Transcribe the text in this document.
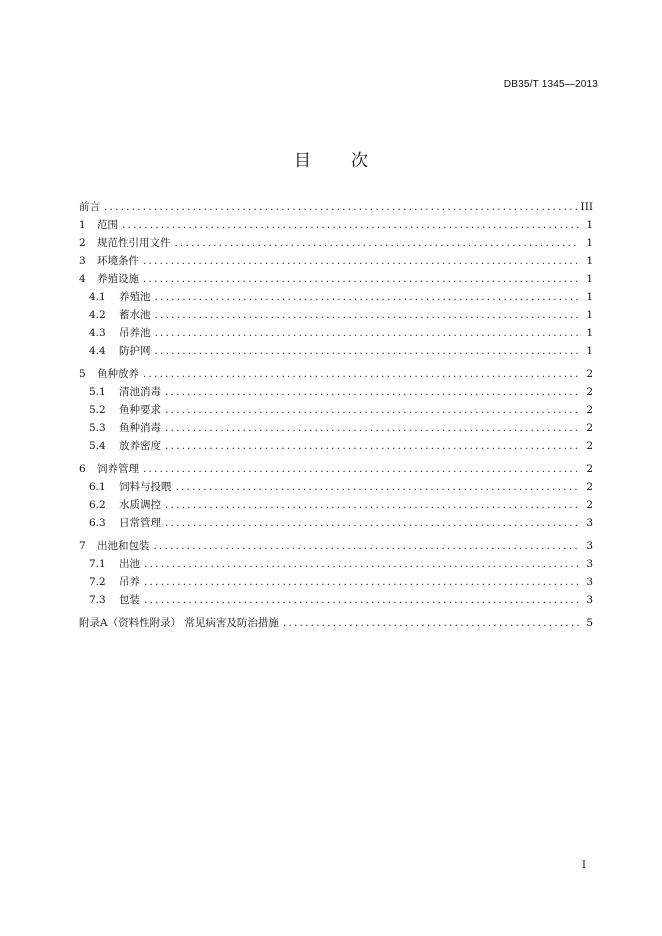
DB35/T 1345—2013
目次
前言 .....	III
1	范围 .....	1
2	规范性引用文件 .....	1
3	环境条件 .....	1
4	养殖设施 .....	1
4.1	养殖池 .....	1
4.2	蓄水池 .....	1
4.3	吊养池 .....	1
4.4	防护网 .....	1
5	鱼种放养 .....	2
5.1	清池消毒 .....	2
5.2	鱼种要求 .....	2
5.3	鱼种消毒 .....	2
5.4	放养密度 .....	2
6	饲养管理 .....	2
6.1	饲料与投喂 .....	2
6.2	水质调控 .....	2
6.3	日常管理 .....	3
7	出池和包装 .....	3
7.1	出池 .....	3
7.2	吊养 .....	3
7.3	包装 .....	3
附录A（资料性附录） 常见病害及防治措施 .....	5
I
